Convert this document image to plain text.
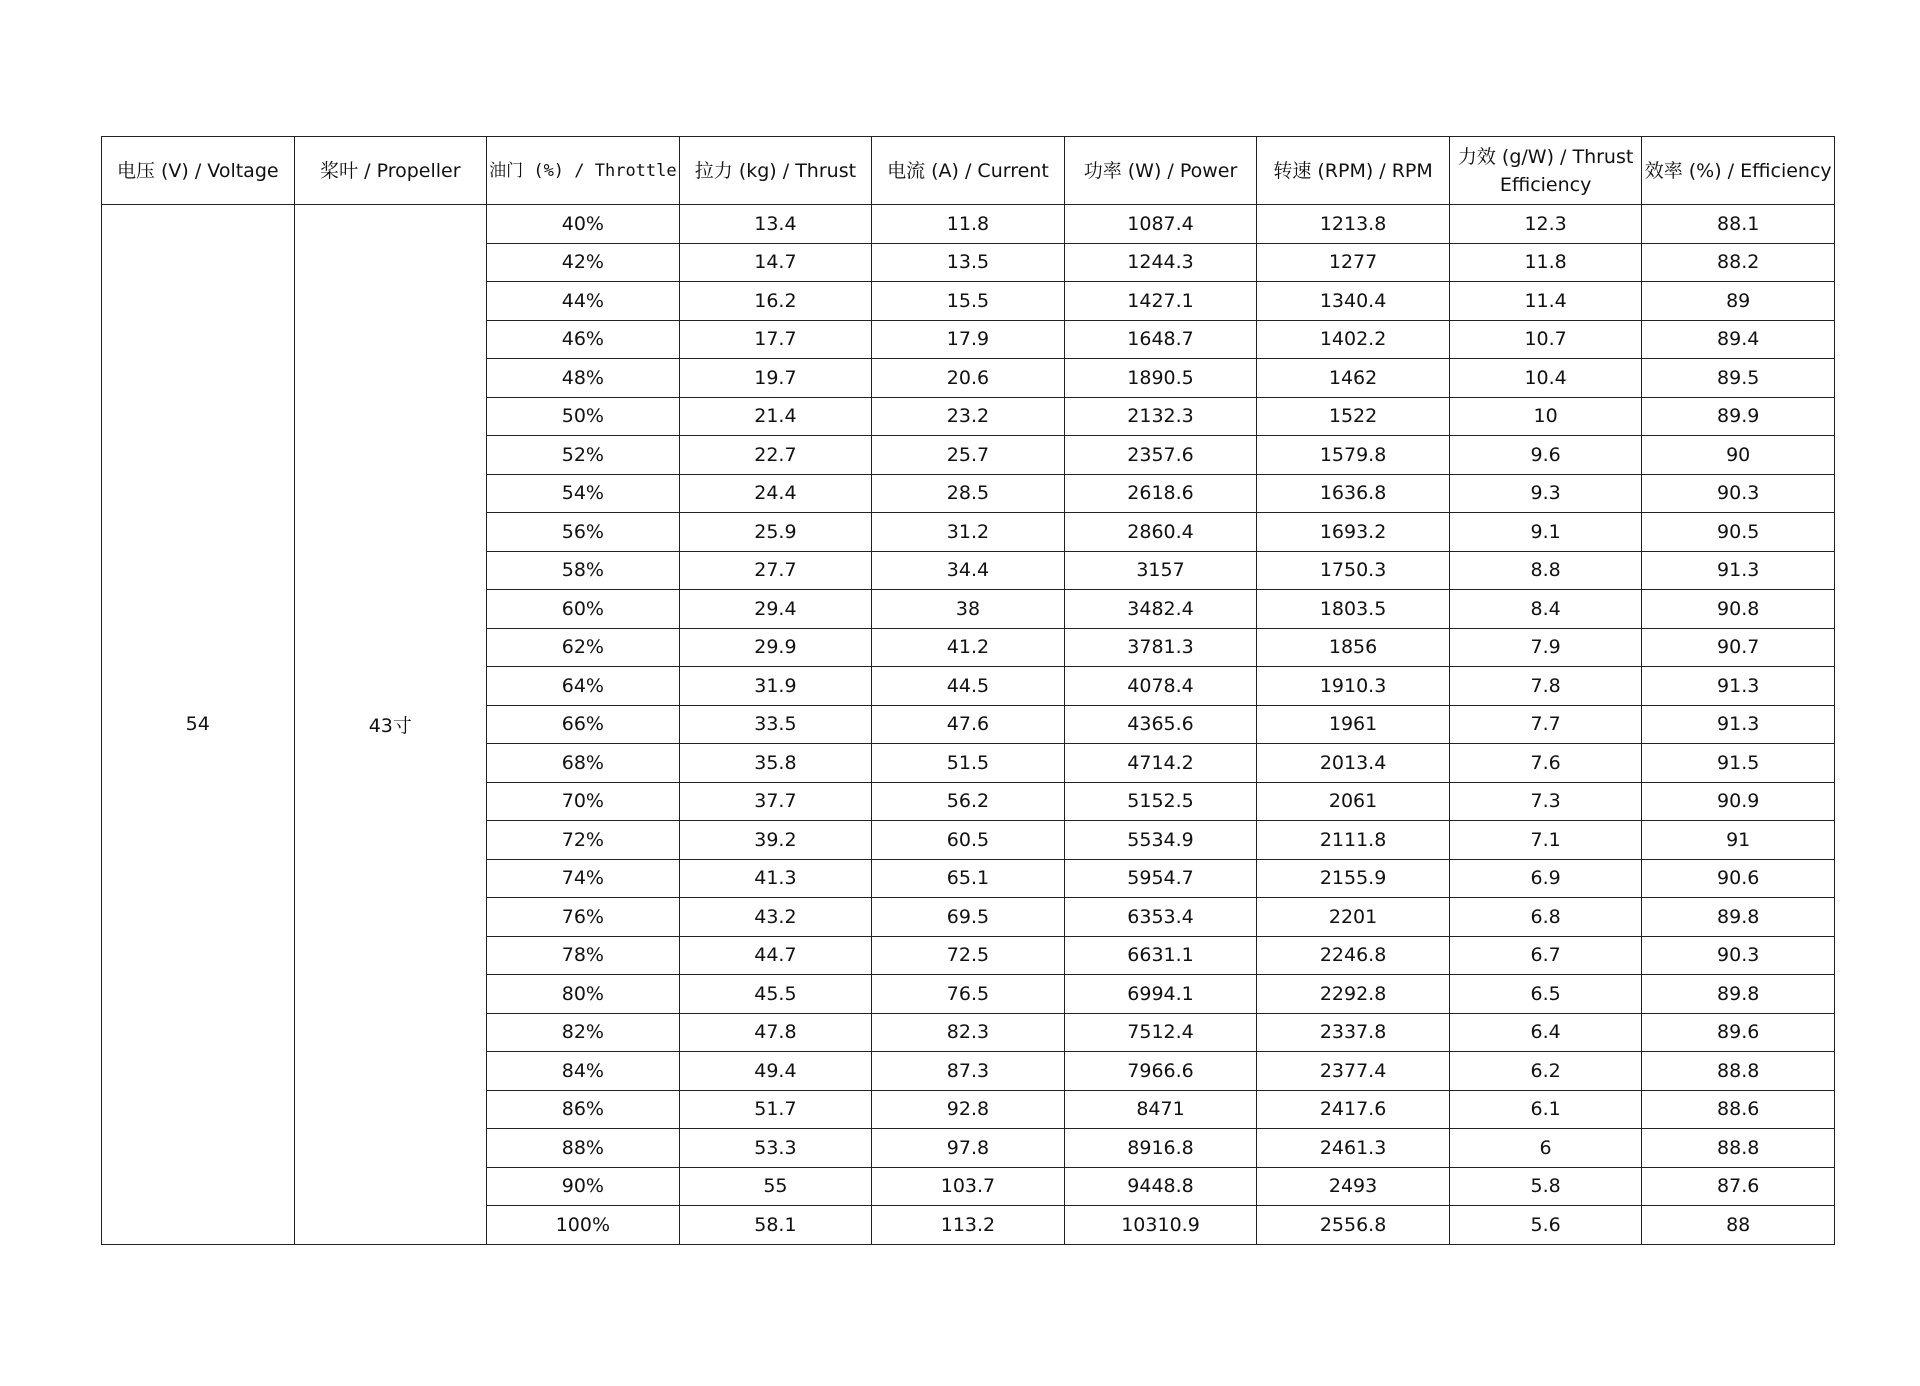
电压 (V) / Voltage	桨叶 / Propeller	油门 (%) / Throttle	拉力 (kg) / Thrust	电流 (A) / Current	功率 (W) / Power	转速 (RPM) / RPM	力效 (g/W) / Thrust Efficiency	效率 (%) / Efficiency
54	43寸	40%	13.4	11.8	1087.4	1213.8	12.3	88.1
		42%	14.7	13.5	1244.3	1277	11.8	88.2
		44%	16.2	15.5	1427.1	1340.4	11.4	89
		46%	17.7	17.9	1648.7	1402.2	10.7	89.4
		48%	19.7	20.6	1890.5	1462	10.4	89.5
		50%	21.4	23.2	2132.3	1522	10	89.9
		52%	22.7	25.7	2357.6	1579.8	9.6	90
		54%	24.4	28.5	2618.6	1636.8	9.3	90.3
		56%	25.9	31.2	2860.4	1693.2	9.1	90.5
		58%	27.7	34.4	3157	1750.3	8.8	91.3
		60%	29.4	38	3482.4	1803.5	8.4	90.8
		62%	29.9	41.2	3781.3	1856	7.9	90.7
		64%	31.9	44.5	4078.4	1910.3	7.8	91.3
		66%	33.5	47.6	4365.6	1961	7.7	91.3
		68%	35.8	51.5	4714.2	2013.4	7.6	91.5
		70%	37.7	56.2	5152.5	2061	7.3	90.9
		72%	39.2	60.5	5534.9	2111.8	7.1	91
		74%	41.3	65.1	5954.7	2155.9	6.9	90.6
		76%	43.2	69.5	6353.4	2201	6.8	89.8
		78%	44.7	72.5	6631.1	2246.8	6.7	90.3
		80%	45.5	76.5	6994.1	2292.8	6.5	89.8
		82%	47.8	82.3	7512.4	2337.8	6.4	89.6
		84%	49.4	87.3	7966.6	2377.4	6.2	88.8
		86%	51.7	92.8	8471	2417.6	6.1	88.6
		88%	53.3	97.8	8916.8	2461.3	6	88.8
		90%	55	103.7	9448.8	2493	5.8	87.6
		100%	58.1	113.2	10310.9	2556.8	5.6	88
